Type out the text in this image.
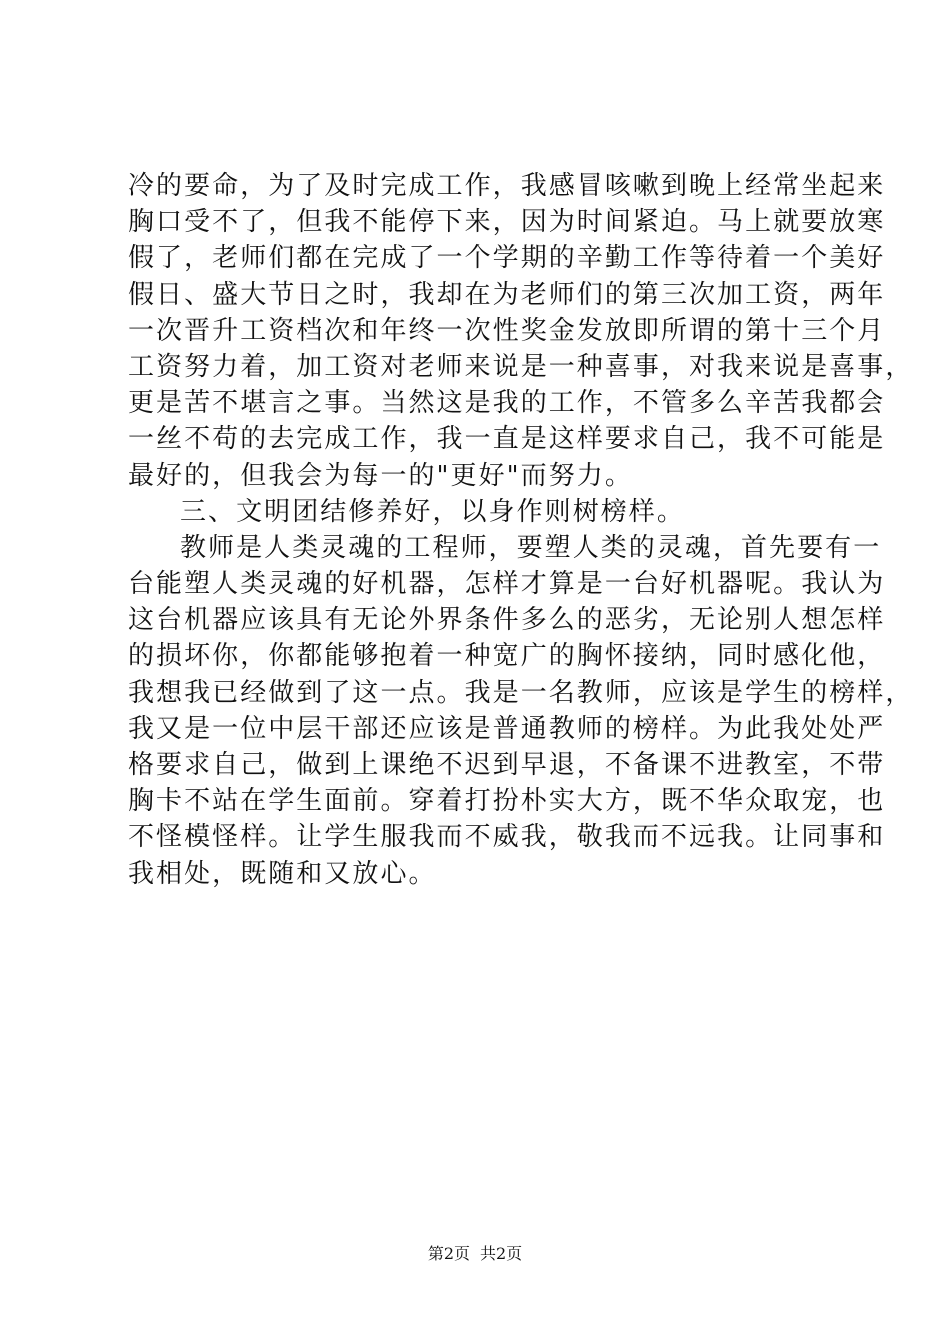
冷的要命，为了及时完成工作，我感冒咳嗽到晚上经常坐起来
胸口受不了，但我不能停下来，因为时间紧迫。马上就要放寒
假了，老师们都在完成了一个学期的辛勤工作等待着一个美好
假日、盛大节日之时，我却在为老师们的第三次加工资，两年
一次晋升工资档次和年终一次性奖金发放即所谓的第十三个月
工资努力着，加工资对老师来说是一种喜事，对我来说是喜事，
更是苦不堪言之事。当然这是我的工作，不管多么辛苦我都会
一丝不苟的去完成工作，我一直是这样要求自己，我不可能是
最好的，但我会为每一的"更好"而努力。
三、文明团结修养好，以身作则树榜样。
教师是人类灵魂的工程师，要塑人类的灵魂，首先要有一
台能塑人类灵魂的好机器，怎样才算是一台好机器呢。我认为
这台机器应该具有无论外界条件多么的恶劣，无论别人想怎样
的损坏你，你都能够抱着一种宽广的胸怀接纳，同时感化他，
我想我已经做到了这一点。我是一名教师，应该是学生的榜样，
我又是一位中层干部还应该是普通教师的榜样。为此我处处严
格要求自己，做到上课绝不迟到早退，不备课不进教室，不带
胸卡不站在学生面前。穿着打扮朴实大方，既不华众取宠，也
不怪模怪样。让学生服我而不威我，敬我而不远我。让同事和
我相处，既随和又放心。
第2页 共2页
